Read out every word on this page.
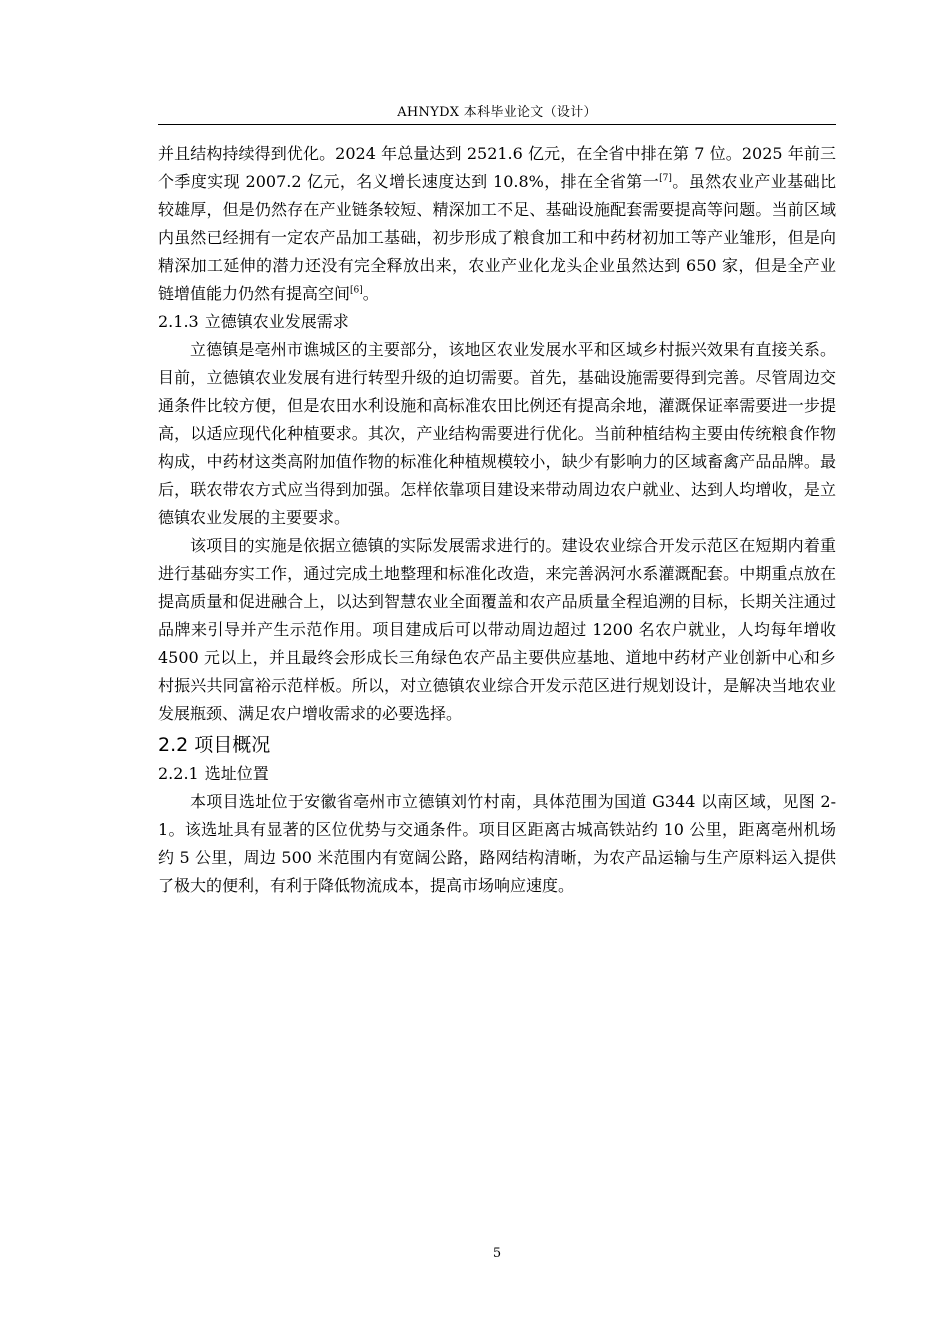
AHNYDX 本科毕业论文（设计）

并且结构持续得到优化。2024 年总量达到 2521.6 亿元，在全省中排在第 7 位。2025 年前三个季度实现 2007.2 亿元，名义增长速度达到 10.8%，排在全省第一[7]。虽然农业产业基础比较雄厚，但是仍然存在产业链条较短、精深加工不足、基础设施配套需要提高等问题。当前区域内虽然已经拥有一定农产品加工基础，初步形成了粮食加工和中药材初加工等产业雏形，但是向精深加工延伸的潜力还没有完全释放出来，农业产业化龙头企业虽然达到 650 家，但是全产业链增值能力仍然有提高空间[6]。

2.1.3 立德镇农业发展需求

立德镇是亳州市谯城区的主要部分，该地区农业发展水平和区域乡村振兴效果有直接关系。目前，立德镇农业发展有进行转型升级的迫切需要。首先，基础设施需要得到完善。尽管周边交通条件比较方便，但是农田水利设施和高标准农田比例还有提高余地，灌溉保证率需要进一步提高，以适应现代化种植要求。其次，产业结构需要进行优化。当前种植结构主要由传统粮食作物构成，中药材这类高附加值作物的标准化种植规模较小，缺少有影响力的区域畜禽产品品牌。最后，联农带农方式应当得到加强。怎样依靠项目建设来带动周边农户就业、达到人均增收，是立德镇农业发展的主要要求。

该项目的实施是依据立德镇的实际发展需求进行的。建设农业综合开发示范区在短期内着重进行基础夯实工作，通过完成土地整理和标准化改造，来完善涡河水系灌溉配套。中期重点放在提高质量和促进融合上，以达到智慧农业全面覆盖和农产品质量全程追溯的目标，长期关注通过品牌来引导并产生示范作用。项目建成后可以带动周边超过 1200 名农户就业，人均每年增收 4500 元以上，并且最终会形成长三角绿色农产品主要供应基地、道地中药材产业创新中心和乡村振兴共同富裕示范样板。所以，对立德镇农业综合开发示范区进行规划设计，是解决当地农业发展瓶颈、满足农户增收需求的必要选择。

2.2 项目概况

2.2.1 选址位置

本项目选址位于安徽省亳州市立德镇刘竹村南，具体范围为国道 G344 以南区域，见图 2-1。该选址具有显著的区位优势与交通条件。项目区距离古城高铁站约 10 公里，距离亳州机场约 5 公里，周边 500 米范围内有宽阔公路，路网结构清晰，为农产品运输与生产原料运入提供了极大的便利，有利于降低物流成本，提高市场响应速度。

5
